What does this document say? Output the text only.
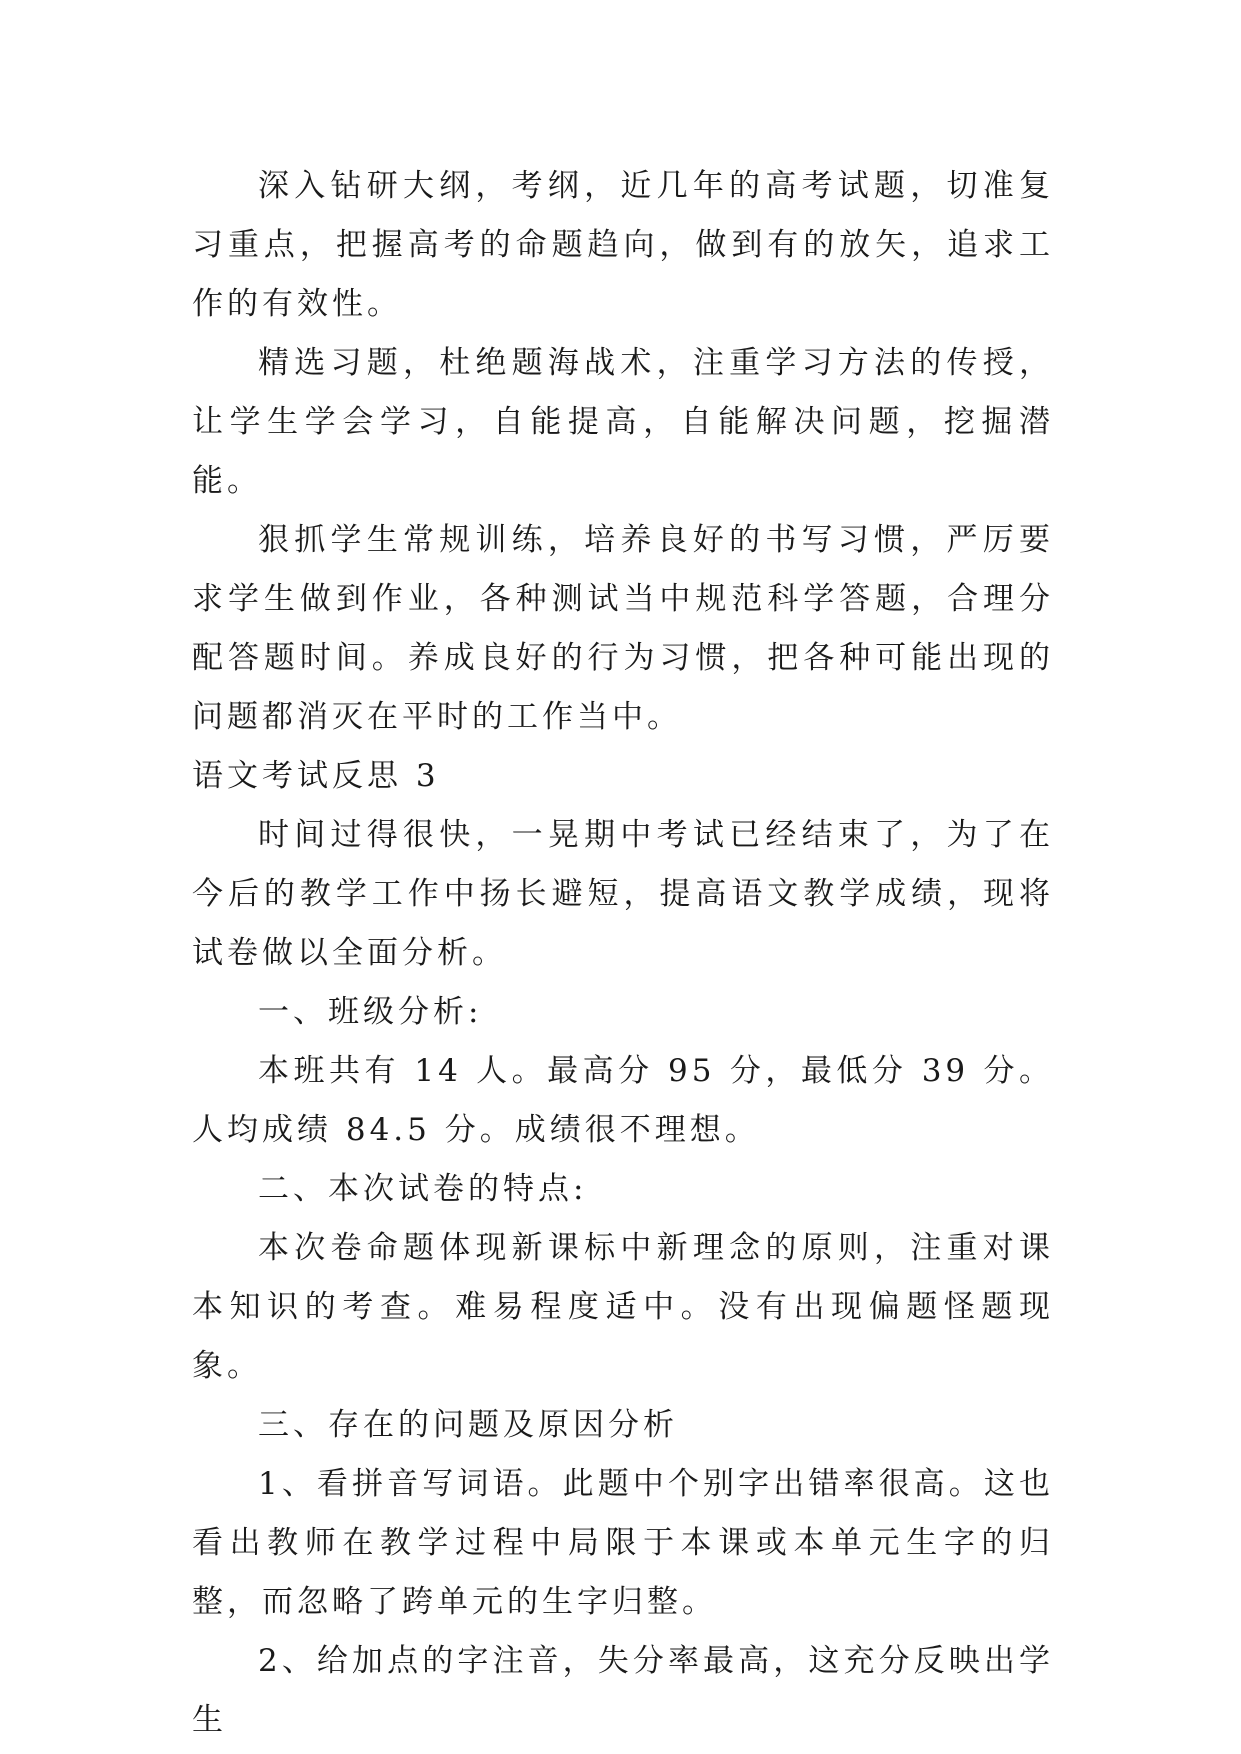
深入钻研大纲，考纲，近几年的高考试题，切准复习重点，把握高考的命题趋向，做到有的放矢，追求工作的有效性。

精选习题，杜绝题海战术，注重学习方法的传授，让学生学会学习，自能提高，自能解决问题，挖掘潜能。

狠抓学生常规训练，培养良好的书写习惯，严厉要求学生做到作业，各种测试当中规范科学答题，合理分配答题时间。养成良好的行为习惯，把各种可能出现的问题都消灭在平时的工作当中。

语文考试反思 3

时间过得很快，一晃期中考试已经结束了，为了在今后的教学工作中扬长避短，提高语文教学成绩，现将试卷做以全面分析。

一、班级分析:

本班共有 14 人。最高分 95 分，最低分 39 分。人均成绩 84.5 分。成绩很不理想。

二、本次试卷的特点:

本次卷命题体现新课标中新理念的原则，注重对课本知识的考查。难易程度适中。没有出现偏题怪题现象。

三、存在的问题及原因分析

1、看拼音写词语。此题中个别字出错率很高。这也看出教师在教学过程中局限于本课或本单元生字的归整，而忽略了跨单元的生字归整。

2、给加点的字注音，失分率最高，这充分反映出学生
